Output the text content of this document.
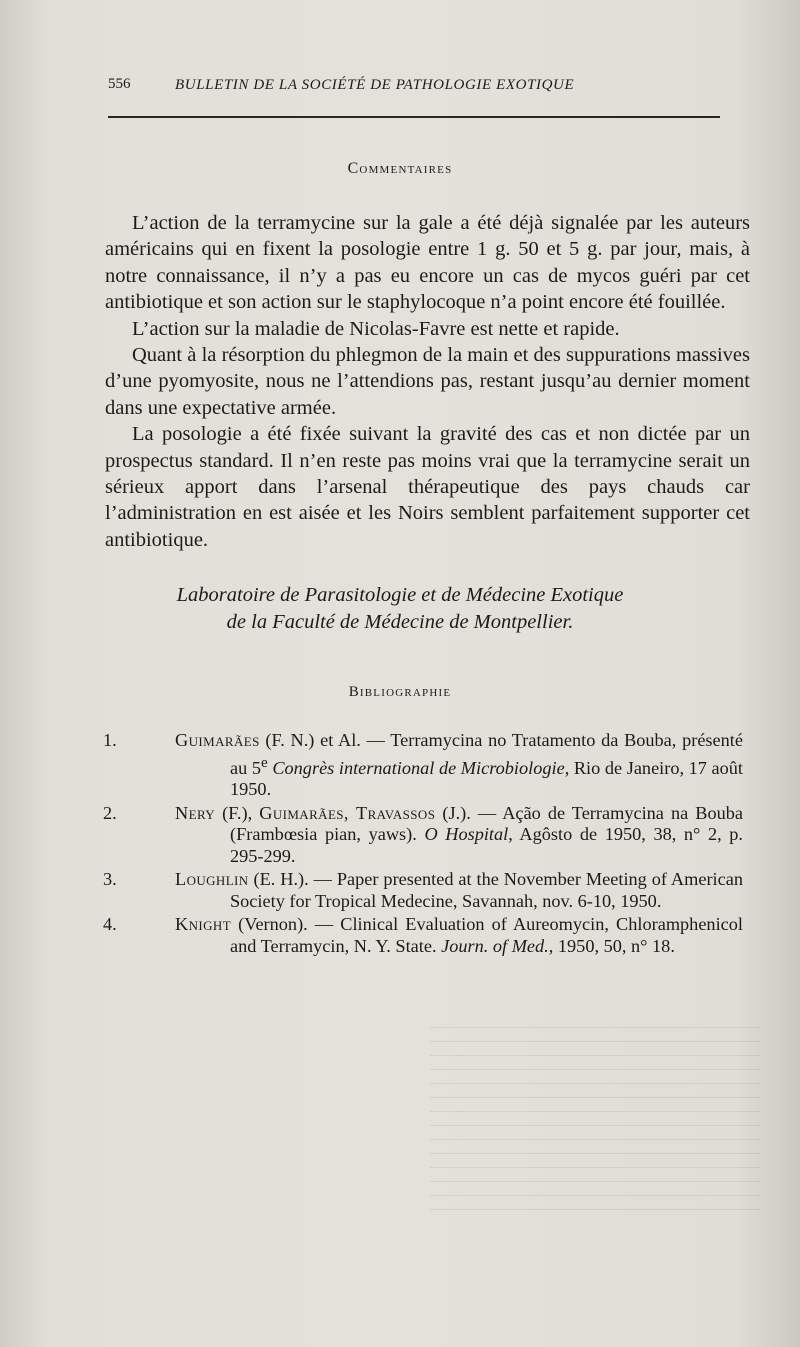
556	BULLETIN DE LA SOCIÉTÉ DE PATHOLOGIE EXOTIQUE
Commentaires

L’action de la terramycine sur la gale a été déjà signalée par les auteurs américains qui en fixent la posologie entre 1 g. 50 et 5 g. par jour, mais, à notre connaissance, il n’y a pas eu encore un cas de mycos guéri par cet antibiotique et son action sur le staphylocoque n’a point encore été fouillée.

L’action sur la maladie de Nicolas-Favre est nette et rapide.

Quant à la résorption du phlegmon de la main et des suppurations massives d’une pyomyosite, nous ne l’attendions pas, restant jusqu’au dernier moment dans une expectative armée.

La posologie a été fixée suivant la gravité des cas et non dictée par un prospectus standard. Il n’en reste pas moins vrai que la terramycine serait un sérieux apport dans l’arsenal thérapeutique des pays chauds car l’administration en est aisée et les Noirs semblent parfaitement supporter cet antibiotique.

Laboratoire de Parasitologie et de Médecine Exotique
de la Faculté de Médecine de Montpellier.
Bibliographie
1.	Guimarães (F. N.) et Al. — Terramycina no Tratamento da Bouba, présenté au 5e Congrès international de Microbiologie, Rio de Janeiro, 17 août 1950.
2.	Nery (F.), Guimarães, Travassos (J.). — Ação de Terramycina na Bouba (Frambœsia pian, yaws). O Hospital, Agôsto de 1950, 38, n° 2, p. 295-299.
3.	Loughlin (E. H.). — Paper presented at the November Meeting of American Society for Tropical Medecine, Savannah, nov. 6-10, 1950.
4.	Knight (Vernon). — Clinical Evaluation of Aureomycin, Chloramphenicol and Terramycin, N. Y. State. Journ. of Med., 1950, 50, n° 18.
